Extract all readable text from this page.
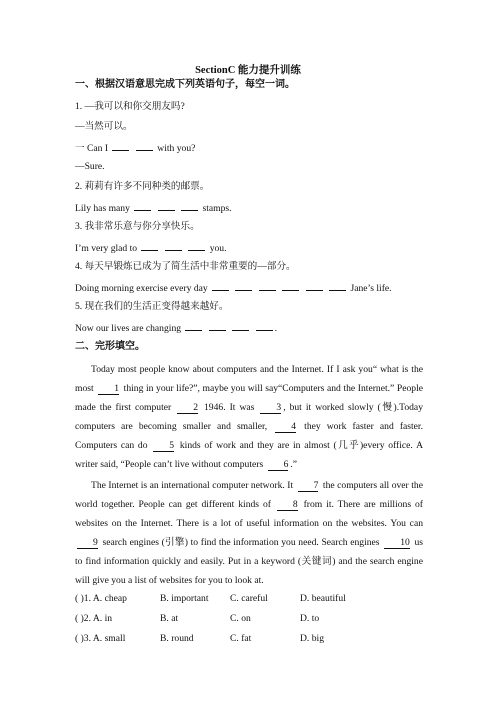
SectionC 能力提升训练
一、根据汉语意思完成下列英语句子，每空一词。
1. —我可以和你交朋友吗?
—当然可以。
一 Can I	with you?
—Sure.
2. 莉莉有许多不同种类的邮票。
Lily has many	stamps.
3. 我非常乐意与你分享快乐。
I’m very glad to	you.
4. 每天早锻炼已成为了简生活中非常重要的—部分。
Doing morning exercise every day	Jane’s life.
5. 现在我们的生活正变得越来越好。
Now our lives are changing	.
二、完形填空。
Today most people know about computers and the Internet. If I ask you“ what is the most 1 thing in your life?”, maybe you will say“Computers and the Internet.” People made the first computer 2 1946. It was 3 , but it worked slowly (慢).Today computers are becoming smaller and smaller, 4 they work faster and faster. Computers can do 5 kinds of work and they are in almost (几乎)every office. A writer said, “People can’t live without computers 6 .”
The Internet is an international computer network. It 7 the computers all over the world together. People can get different kinds of 8 from it. There are millions of websites on the Internet. There is a lot of useful information on the websites. You can 9 search engines (引擎) to find the information you need. Search engines 10 us to find information quickly and easily. Put in a keyword (关键词) and the search engine will give you a list of websites for you to look at.
( )1. A. cheap	B. important C. careful	D. beautiful
( )2. A. in	B. at	C. on	D. to
( )3. A. small	B. round	C. fat	D. big
